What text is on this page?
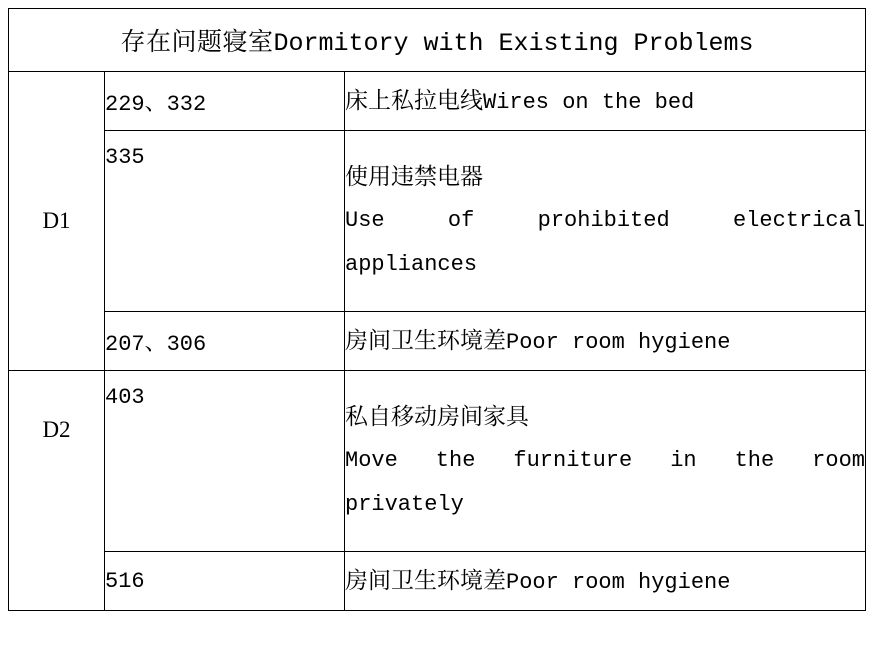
存在问题寝室Dormitory with Existing Problems		
D1	229、332	床上私拉电线Wires on the bed

	335	使用违禁电器
Use of prohibited electrical
appliances

	207、306	房间卫生环境差Poor room hygiene

D2	403	私自移动房间家具
Move the furniture in the room
privately

	516	房间卫生环境差Poor room hygiene
